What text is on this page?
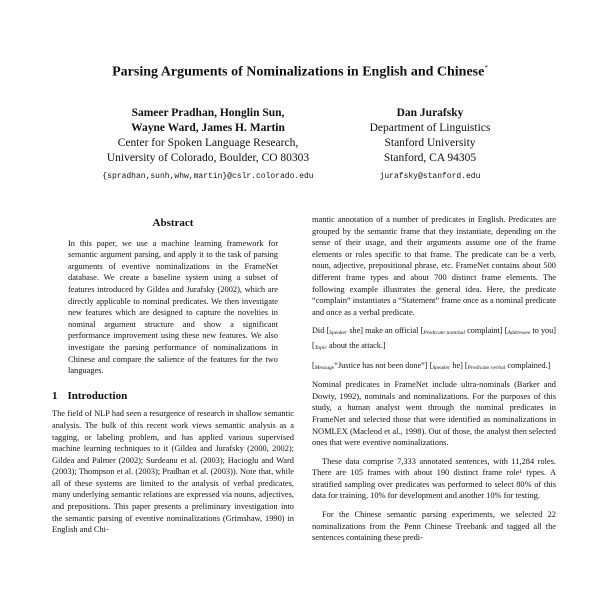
Parsing Arguments of Nominalizations in English and Chinese*
Sameer Pradhan, Honglin Sun,
Wayne Ward, James H. Martin
Center for Spoken Language Research,
University of Colorado, Boulder, CO 80303
{spradhan,sunh,whw,martin}@cslr.colorado.edu
Dan Jurafsky
Department of Linguistics
Stanford University
Stanford, CA 94305
jurafsky@stanford.edu
Abstract
In this paper, we use a machine learning framework for semantic argument parsing, and apply it to the task of parsing arguments of eventive nominalizations in the FrameNet database. We create a baseline system using a subset of features introduced by Gildea and Jurafsky (2002), which are directly applicable to nominal predicates. We then investigate new features which are designed to capture the novelties in nominal argument structure and show a significant performance improvement using these new features. We also investigate the parsing performance of nominalizations in Chinese and compare the salience of the features for the two languages.
1 Introduction

The field of NLP had seen a resurgence of research in shallow semantic analysis. The bulk of this recent work views semantic analysis as a tagging, or labeling problem, and has applied various supervised machine learning techniques to it (Gildea and Jurafsky (2000, 2002); Gildea and Palmer (2002); Surdeanu et al. (2003); Hacioglu and Ward (2003); Thompson et al. (2003); Pradhan et al. (2003)). Note that, while all of these systems are limited to the analysis of verbal predicates, many underlying semantic relations are expressed via nouns, adjectives, and prepositions. This paper presents a preliminary investigation into the semantic parsing of eventive nominalizations (Grimshaw, 1990) in English and Chi-

mantic annotation of a number of predicates in English. Predicates are grouped by the semantic frame that they instantiate, depending on the sense of their usage, and their arguments assume one of the frame elements or roles specific to that frame. The predicate can be a verb, noun, adjective, prepositional phrase, etc. FrameNet contains about 500 different frame types and about 700 distinct frame elements. The following example illustrates the general idea. Here, the predicate “complain” instantiates a “Statement” frame once as a nominal predicate and once as a verbal predicate.

Did [Speaker she] make an official [Predicate:nominal complaint] [Addressee to you] [Topic about the attack.]
[Message“Justice has not been done”] [Speaker he] [Predicate:verbal complained.]

Nominal predicates in FrameNet include ultra-nominals (Barker and Dowty, 1992), nominals and nominalizations. For the purposes of this study, a human analyst went through the nominal predicates in FrameNet and selected those that were identified as nominalizations in NOMLEX (Macleod et al., 1998). Out of those, the analyst then selected ones that were eventive nominalizations.

These data comprise 7,333 annotated sentences, with 11,284 roles. There are 105 frames with about 190 distinct frame role¹ types. A stratified sampling over predicates was performed to select 80% of this data for training, 10% for development and another 10% for testing.

For the Chinese semantic parsing experiments, we selected 22 nominalizations from the Penn Chinese Treebank and tagged all the sentences containing these predi-
